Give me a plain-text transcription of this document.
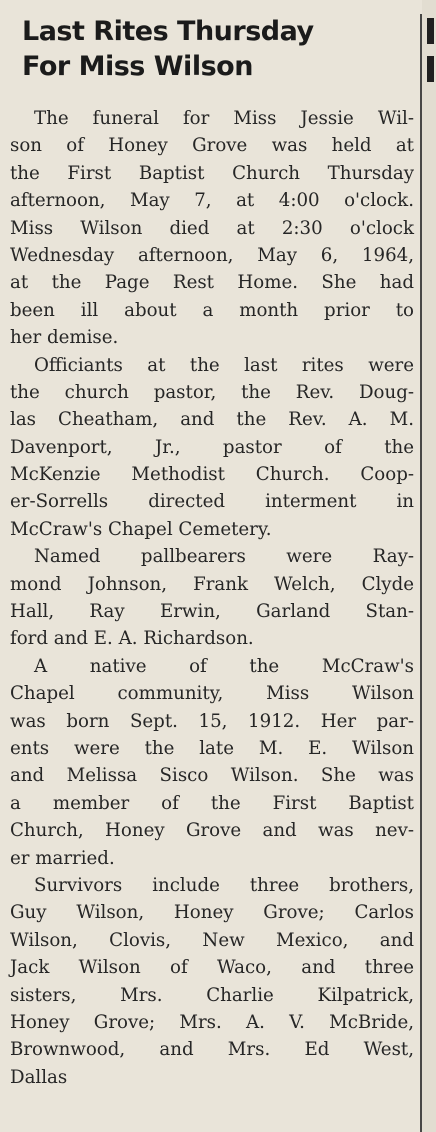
Last Rites Thursday
For Miss Wilson
The funeral for Miss Jessie Wil-
son of Honey Grove was held at
the First Baptist Church Thursday
afternoon, May 7, at 4:00 o'clock.
Miss Wilson died at 2:30 o'clock
Wednesday afternoon, May 6, 1964,
at the Page Rest Home. She had
been ill about a month prior to
her demise.
Officiants at the last rites were
the church pastor, the Rev. Doug-
las Cheatham, and the Rev. A. M.
Davenport, Jr., pastor of the
McKenzie Methodist Church. Coop-
er-Sorrells directed interment in
McCraw's Chapel Cemetery.
Named pallbearers were Ray-
mond Johnson, Frank Welch, Clyde
Hall, Ray Erwin, Garland Stan-
ford and E. A. Richardson.
A native of the McCraw's
Chapel community, Miss Wilson
was born Sept. 15, 1912. Her par-
ents were the late M. E. Wilson
and Melissa Sisco Wilson. She was
a member of the First Baptist
Church, Honey Grove and was nev-
er married.
Survivors include three brothers,
Guy Wilson, Honey Grove; Carlos
Wilson, Clovis, New Mexico, and
Jack Wilson of Waco, and three
sisters, Mrs. Charlie Kilpatrick,
Honey Grove; Mrs. A. V. McBride,
Brownwood, and Mrs. Ed West,
Dallas
